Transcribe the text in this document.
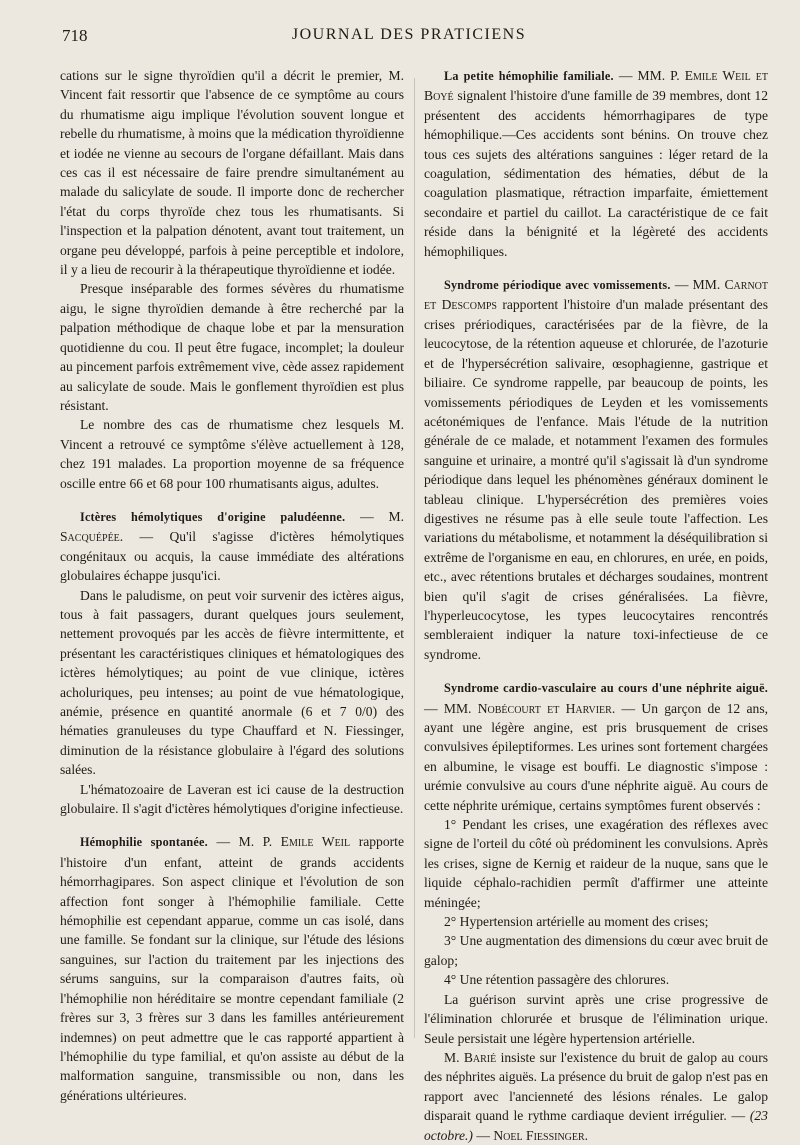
718	JOURNAL DES PRATICIENS

cations sur le signe thyroïdien qu'il a décrit le premier, M. Vincent fait ressortir que l'absence de ce symptôme au cours du rhumatisme aigu implique l'évolution souvent longue et rebelle du rhumatisme, à moins que la médication thyroïdienne et iodée ne vienne au secours de l'organe défaillant. Mais dans ces cas il est nécessaire de faire prendre simultanément au malade du salicylate de soude. Il importe donc de rechercher l'état du corps thyroïde chez tous les rhumatisants. Si l'inspection et la palpation dénotent, avant tout traitement, un organe peu développé, parfois à peine perceptible et indolore, il y a lieu de recourir à la thérapeutique thyroïdienne et iodée.

Presque inséparable des formes sévères du rhumatisme aigu, le signe thyroïdien demande à être recherché par la palpation méthodique de chaque lobe et par la mensuration quotidienne du cou. Il peut être fugace, incomplet; la douleur au pincement parfois extrêmement vive, cède assez rapidement au salicylate de soude. Mais le gonflement thyroïdien est plus résistant.

Le nombre des cas de rhumatisme chez lesquels M. Vincent a retrouvé ce symptôme s'élève actuellement à 128, chez 191 malades. La proportion moyenne de sa fréquence oscille entre 66 et 68 pour 100 rhumatisants aigus, adultes.

Ictères hémolytiques d'origine paludéenne. — M. Sacquépée. — Qu'il s'agisse d'ictères hémolytiques congénitaux ou acquis, la cause immédiate des altérations globulaires échappe jusqu'ici.

Dans le paludisme, on peut voir survenir des ictères aigus, tous à fait passagers, durant quelques jours seulement, nettement provoqués par les accès de fièvre intermittente, et présentant les caractéristiques cliniques et hématologiques des ictères hémolytiques; au point de vue clinique, ictères acholuriques, peu intenses; au point de vue hématologique, anémie, présence en quantité anormale (6 et 7 0/0) des hématies granuleuses du type Chauffard et N. Fiessinger, diminution de la résistance globulaire à l'égard des solutions salées.

L'hématozoaire de Laveran est ici cause de la destruction globulaire. Il s'agit d'ictères hémolytiques d'origine infectieuse.

Hémophilie spontanée. — M. P. Emile Weil rapporte l'histoire d'un enfant, atteint de grands accidents hémorrhagipares. Son aspect clinique et l'évolution de son affection font songer à l'hémophilie familiale. Cette hémophilie est cependant apparue, comme un cas isolé, dans une famille. Se fondant sur la clinique, sur l'étude des lésions sanguines, sur l'action du traitement par les injections des sérums sanguins, sur la comparaison d'autres faits, où l'hémophilie non héréditaire se montre cependant familiale (2 frères sur 3, 3 frères sur 3 dans les familles antérieurement indemnes) on peut admettre que le cas rapporté appartient à l'hémophilie du type familial, et qu'on assiste au début de la malformation sanguine, transmissible ou non, dans les générations ultérieures.

La petite hémophilie familiale. — MM. P. Emile Weil et Boyé signalent l'histoire d'une famille de 39 membres, dont 12 présentent des accidents hémorrhagipares de type hémophilique.—Ces accidents sont bénins. On trouve chez tous ces sujets des altérations sanguines : léger retard de la coagulation, sédimentation des hématies, début de la coagulation plasmatique, rétraction imparfaite, émiettement secondaire et partiel du caillot. La caractéristique de ce fait réside dans la bénignité et la légèreté des accidents hémophiliques.

Syndrome périodique avec vomissements. — MM. Carnot et Descomps rapportent l'histoire d'un malade présentant des crises prériodiques, caractérisées par de la fièvre, de la leucocytose, de la rétention aqueuse et chlorurée, de l'azoturie et de l'hypersécrétion salivaire, œsophagienne, gastrique et biliaire. Ce syndrome rappelle, par beaucoup de points, les vomissements périodiques de Leyden et les vomissements acétonémiques de l'enfance. Mais l'étude de la nutrition générale de ce malade, et notamment l'examen des formules sanguine et urinaire, a montré qu'il s'agissait là d'un syndrome périodique dans lequel les phénomènes généraux dominent le tableau clinique. L'hypersécrétion des premières voies digestives ne résume pas à elle seule toute l'affection. Les variations du métabolisme, et notamment la déséquilibration si extrême de l'organisme en eau, en chlorures, en urée, en poids, etc., avec rétentions brutales et décharges soudaines, montrent bien qu'il s'agit de crises généralisées. La fièvre, l'hyperleucocytose, les types leucocytaires rencontrés sembleraient indiquer la nature toxi-infectieuse de ce syndrome.

Syndrome cardio-vasculaire au cours d'une néphrite aiguë. — MM. Nobécourt et Harvier. — Un garçon de 12 ans, ayant une légère angine, est pris brusquement de crises convulsives épileptiformes. Les urines sont fortement chargées en albumine, le visage est bouffi. Le diagnostic s'impose : urémie convulsive au cours d'une néphrite aiguë. Au cours de cette néphrite urémique, certains symptômes furent observés :

1° Pendant les crises, une exagération des réflexes avec signe de l'orteil du côté où prédominent les convulsions. Après les crises, signe de Kernig et raideur de la nuque, sans que le liquide céphalo-rachidien permît d'affirmer une atteinte méningée;

2° Hypertension artérielle au moment des crises;

3° Une augmentation des dimensions du cœur avec bruit de galop;

4° Une rétention passagère des chlorures.

La guérison survint après une crise progressive de l'élimination chlorurée et brusque de l'élimination urique. Seule persistait une légère hypertension artérielle.

M. Barié insiste sur l'existence du bruit de galop au cours des néphrites aiguës. La présence du bruit de galop n'est pas en rapport avec l'ancienneté des lésions rénales. Le galop disparait quand le rythme cardiaque devient irrégulier. — (23 octobre.) — Noel Fiessinger.
